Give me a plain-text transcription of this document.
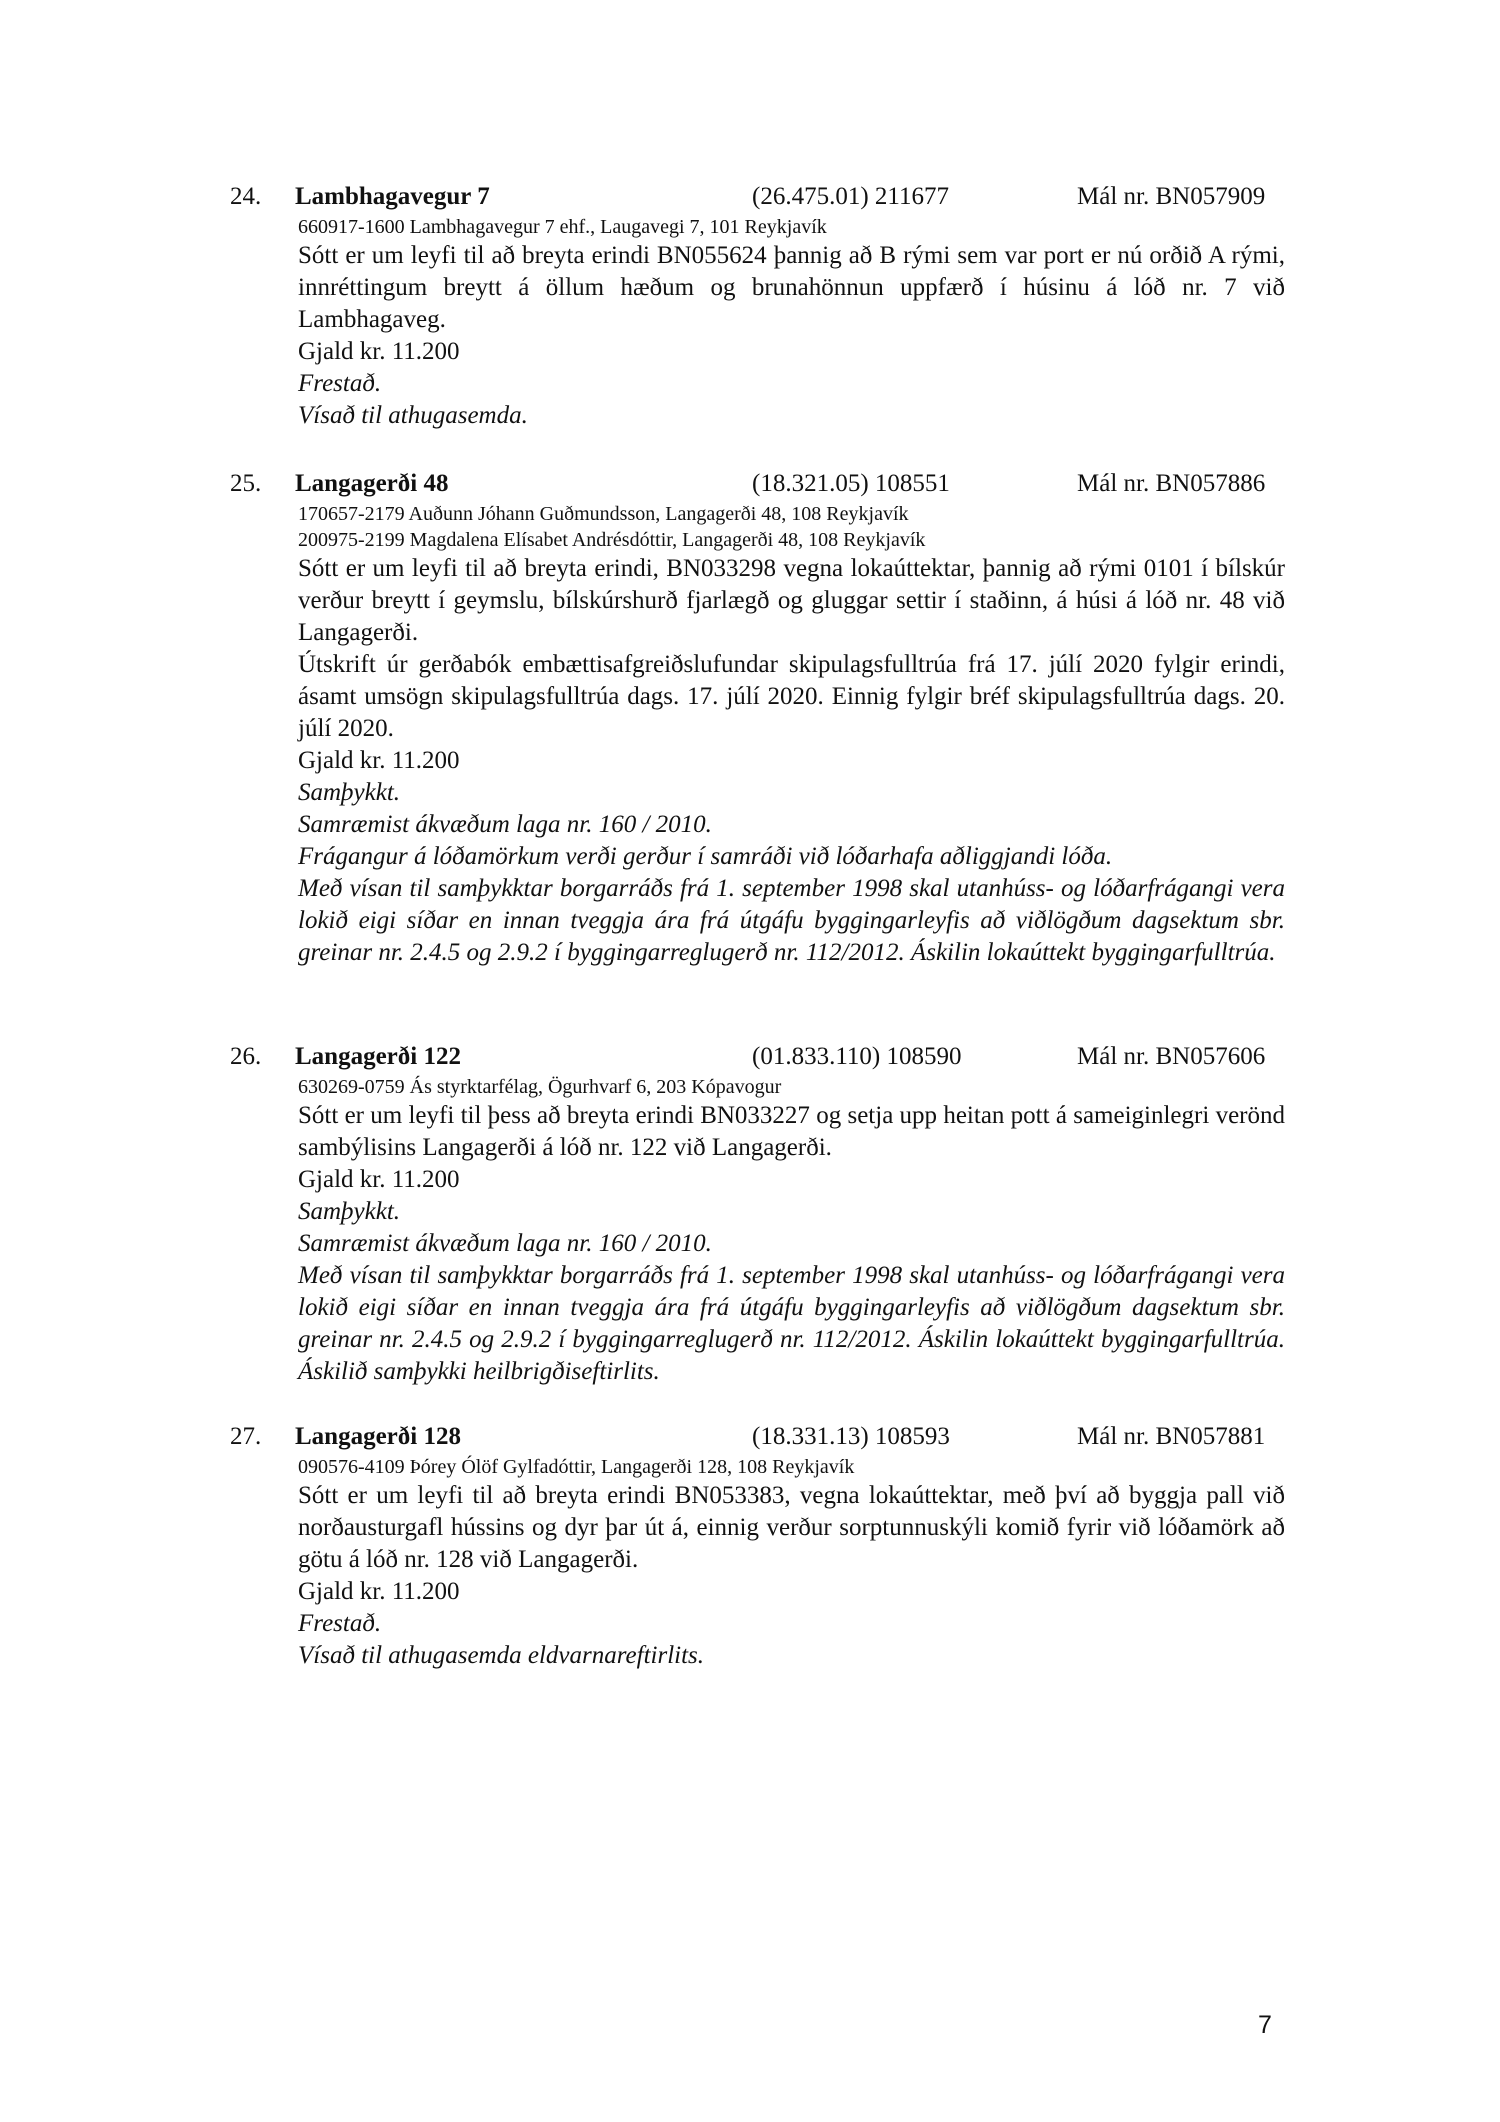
24. Lambhagavegur 7	(26.475.01) 211677	Mál nr. BN057909
660917-1600 Lambhagavegur 7 ehf., Laugavegi 7, 101 Reykjavík
Sótt er um leyfi til að breyta erindi BN055624 þannig að B rými sem var port er nú orðið A rými, innréttingum breytt á öllum hæðum og brunahönnun uppfærð í húsinu á lóð nr. 7 við Lambhagaveg.
Gjald kr. 11.200
Frestað.
Vísað til athugasemda.
25. Langagerði 48	(18.321.05) 108551	Mál nr. BN057886
170657-2179 Auðunn Jóhann Guðmundsson, Langagerði 48, 108 Reykjavík
200975-2199 Magdalena Elísabet Andrésdóttir, Langagerði 48, 108 Reykjavík
Sótt er um leyfi til að breyta erindi, BN033298 vegna lokaúttektar, þannig að rými 0101 í bílskúr verður breytt í geymslu, bílskúrshurð fjarlægð og gluggar settir í staðinn, á húsi á lóð nr. 48 við Langagerði.
Útskrift úr gerðabók embættisafgreiðslufundar skipulagsfulltrúa frá 17. júlí 2020 fylgir erindi, ásamt umsögn skipulagsfulltrúa dags. 17. júlí 2020. Einnig fylgir bréf skipulagsfulltrúa dags. 20. júlí 2020.
Gjald kr. 11.200
Samþykkt.
Samræmist ákvæðum laga nr. 160 / 2010.
Frágangur á lóðamörkum verði gerður í samráði við lóðarhafa aðliggjandi lóða.
Með vísan til samþykktar borgarráðs frá 1. september 1998 skal utanhúss- og lóðarfrágangi vera lokið eigi síðar en innan tveggja ára frá útgáfu byggingarleyfis að viðlögðum dagsektum sbr. greinar nr. 2.4.5 og 2.9.2 í byggingarreglugerð nr. 112/2012. Áskilin lokaúttekt byggingarfulltrúa.
26. Langagerði 122	(01.833.110) 108590	Mál nr. BN057606
630269-0759 Ás styrktarfélag, Ögurhvarf 6, 203 Kópavogur
Sótt er um leyfi til þess að breyta erindi BN033227 og setja upp heitan pott á sameiginlegri verönd sambýlisins Langagerði á lóð nr. 122 við Langagerði.
Gjald kr. 11.200
Samþykkt.
Samræmist ákvæðum laga nr. 160 / 2010.
Með vísan til samþykktar borgarráðs frá 1. september 1998 skal utanhúss- og lóðarfrágangi vera lokið eigi síðar en innan tveggja ára frá útgáfu byggingarleyfis að viðlögðum dagsektum sbr. greinar nr. 2.4.5 og 2.9.2 í byggingarreglugerð nr. 112/2012. Áskilin lokaúttekt byggingarfulltrúa. Áskilið samþykki heilbrigðiseftirlits.
27. Langagerði 128	(18.331.13) 108593	Mál nr. BN057881
090576-4109 Þórey Ólöf Gylfadóttir, Langagerði 128, 108 Reykjavík
Sótt er um leyfi til að breyta erindi BN053383, vegna lokaúttektar, með því að byggja pall við norðausturgafl hússins og dyr þar út á, einnig verður sorptunnuskýli komið fyrir við lóðamörk að götu á lóð nr. 128 við Langagerði.
Gjald kr. 11.200
Frestað.
Vísað til athugasemda eldvarnareftirlits.
7
